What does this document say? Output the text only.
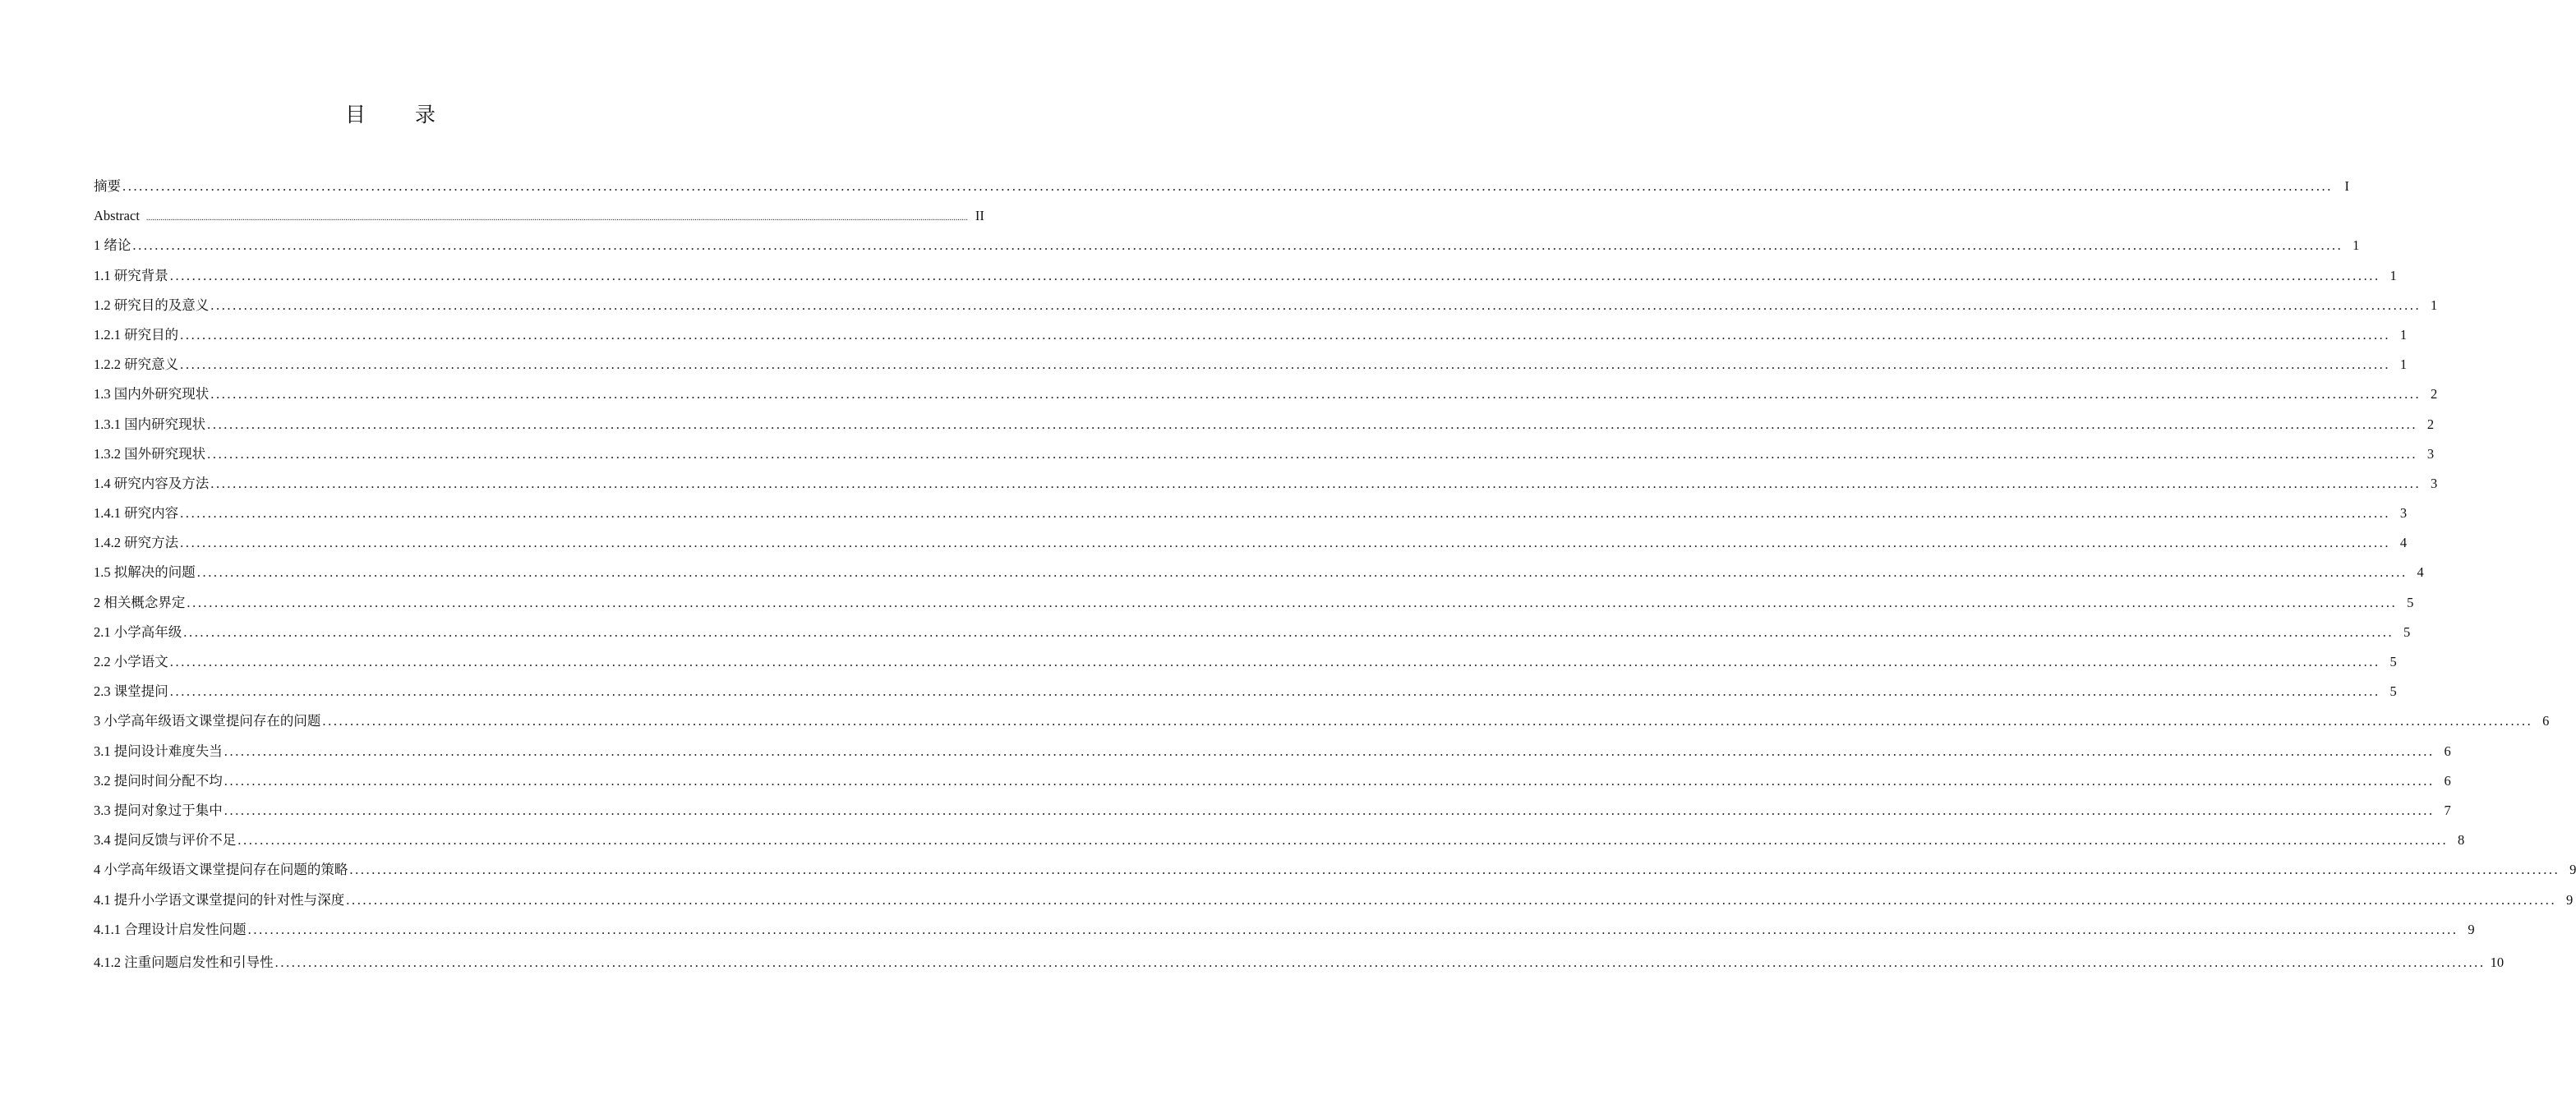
目 录
摘要 ................................................................................................................................................................................................................................................................................................................................................................................................................ I
Abstract ................................................................................................................................................................................................................................................................................................................................................................................................................ II
1 绪论 ................................................................................................................................................................................................................................................................................................................................................................................................................ 1
1.1 研究背景 ................................................................................................................................................................................................................................................................................................................................................................................................................ 1
1.2 研究目的及意义 ................................................................................................................................................................................................................................................................................................................................................................................................................ 1
1.2.1 研究目的 ................................................................................................................................................................................................................................................................................................................................................................................................................ 1
1.2.2 研究意义 ................................................................................................................................................................................................................................................................................................................................................................................................................ 1
1.3 国内外研究现状 ................................................................................................................................................................................................................................................................................................................................................................................................................ 2
1.3.1 国内研究现状 ................................................................................................................................................................................................................................................................................................................................................................................................................ 2
1.3.2 国外研究现状 ................................................................................................................................................................................................................................................................................................................................................................................................................ 3
1.4 研究内容及方法 ................................................................................................................................................................................................................................................................................................................................................................................................................ 3
1.4.1 研究内容 ................................................................................................................................................................................................................................................................................................................................................................................................................ 3
1.4.2 研究方法 ................................................................................................................................................................................................................................................................................................................................................................................................................ 4
1.5 拟解决的问题 ................................................................................................................................................................................................................................................................................................................................................................................................................ 4
2 相关概念界定 ................................................................................................................................................................................................................................................................................................................................................................................................................ 5
2.1 小学高年级 ................................................................................................................................................................................................................................................................................................................................................................................................................ 5
2.2 小学语文 ................................................................................................................................................................................................................................................................................................................................................................................................................ 5
2.3 课堂提问 ................................................................................................................................................................................................................................................................................................................................................................................................................ 5
3 小学高年级语文课堂提问存在的问题 ................................................................................................................................................................................................................................................................................................................................................................................................................ 6
3.1 提问设计难度失当 ................................................................................................................................................................................................................................................................................................................................................................................................................ 6
3.2 提问时间分配不均 ................................................................................................................................................................................................................................................................................................................................................................................................................ 6
3.3 提问对象过于集中 ................................................................................................................................................................................................................................................................................................................................................................................................................ 7
3.4 提问反馈与评价不足 ................................................................................................................................................................................................................................................................................................................................................................................................................ 8
4 小学高年级语文课堂提问存在问题的策略 ................................................................................................................................................................................................................................................................................................................................................................................................................ 9
4.1 提升小学语文课堂提问的针对性与深度 ................................................................................................................................................................................................................................................................................................................................................................................................................ 9
4.1.1 合理设计启发性问题 ................................................................................................................................................................................................................................................................................................................................................................................................................ 9
4.1.2 注重问题启发性和引导性 ................................................................................................................................................................................................................................................................................................................................................................................................................ 10
